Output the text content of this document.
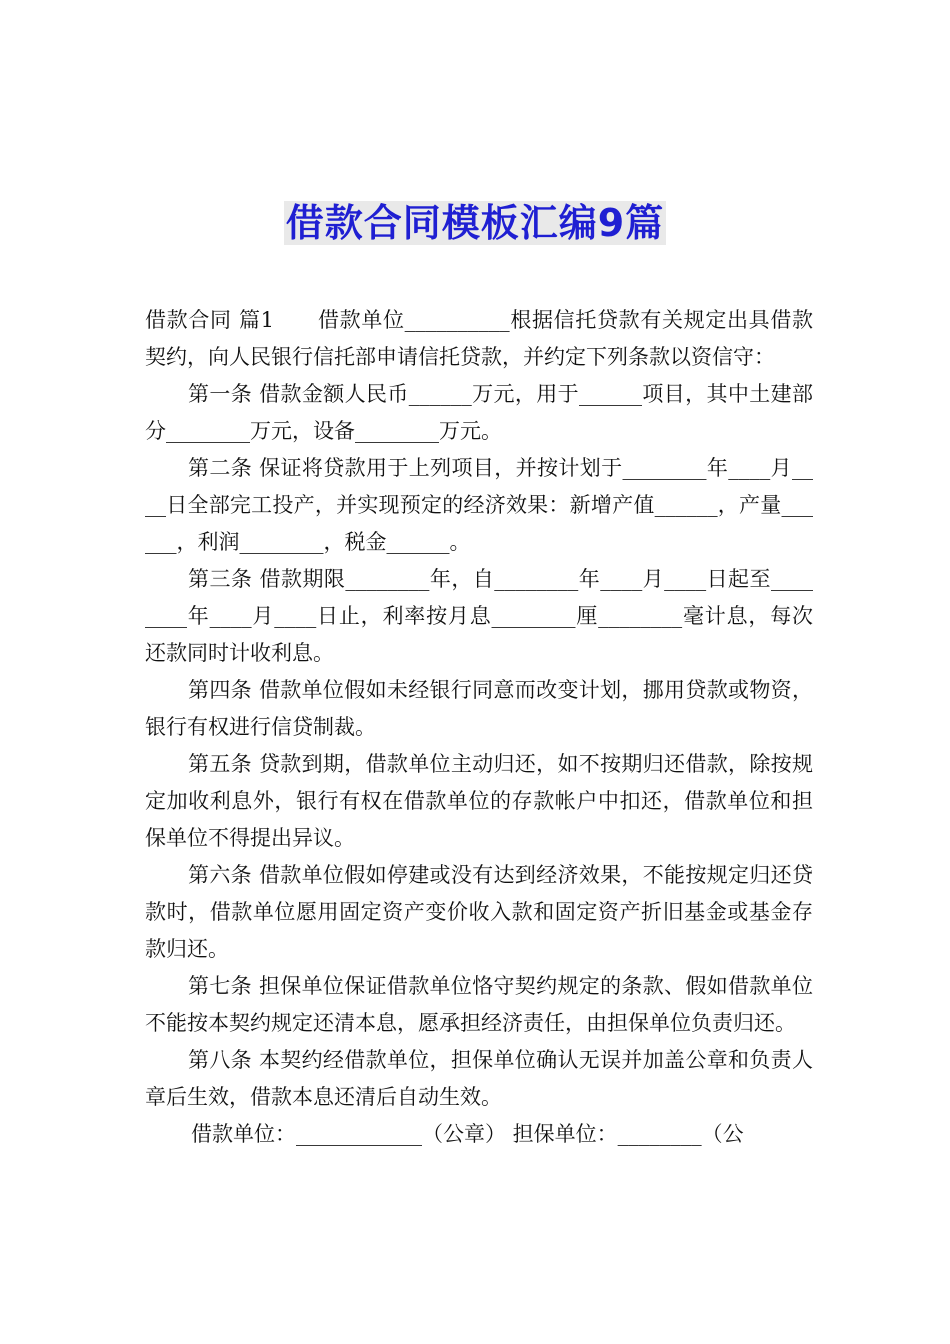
借款合同模板汇编9篇

借款合同 篇1　　借款单位__________根据信托贷款有关规定出具借款契约，向人民银行信托部申请信托贷款，并约定下列条款以资信守：

第一条 借款金额人民币______万元，用于______项目，其中土建部分________万元，设备________万元。

第二条 保证将贷款用于上列项目，并按计划于________年____月____日全部完工投产，并实现预定的经济效果：新增产值______，产量______，利润________，税金______。

第三条 借款期限________年，自________年____月____日起至________年____月____日止，利率按月息________厘________毫计息，每次还款同时计收利息。

第四条 借款单位假如未经银行同意而改变计划，挪用贷款或物资，银行有权进行信贷制裁。

第五条 贷款到期，借款单位主动归还，如不按期归还借款，除按规定加收利息外，银行有权在借款单位的存款帐户中扣还，借款单位和担保单位不得提出异议。

第六条 借款单位假如停建或没有达到经济效果，不能按规定归还贷款时，借款单位愿用固定资产变价收入款和固定资产折旧基金或基金存款归还。

第七条 担保单位保证借款单位恪守契约规定的条款、假如借款单位不能按本契约规定还清本息，愿承担经济责任，由担保单位负责归还。

第八条 本契约经借款单位，担保单位确认无误并加盖公章和负责人章后生效，借款本息还清后自动生效。

借款单位：____________（公章） 担保单位：________（公
